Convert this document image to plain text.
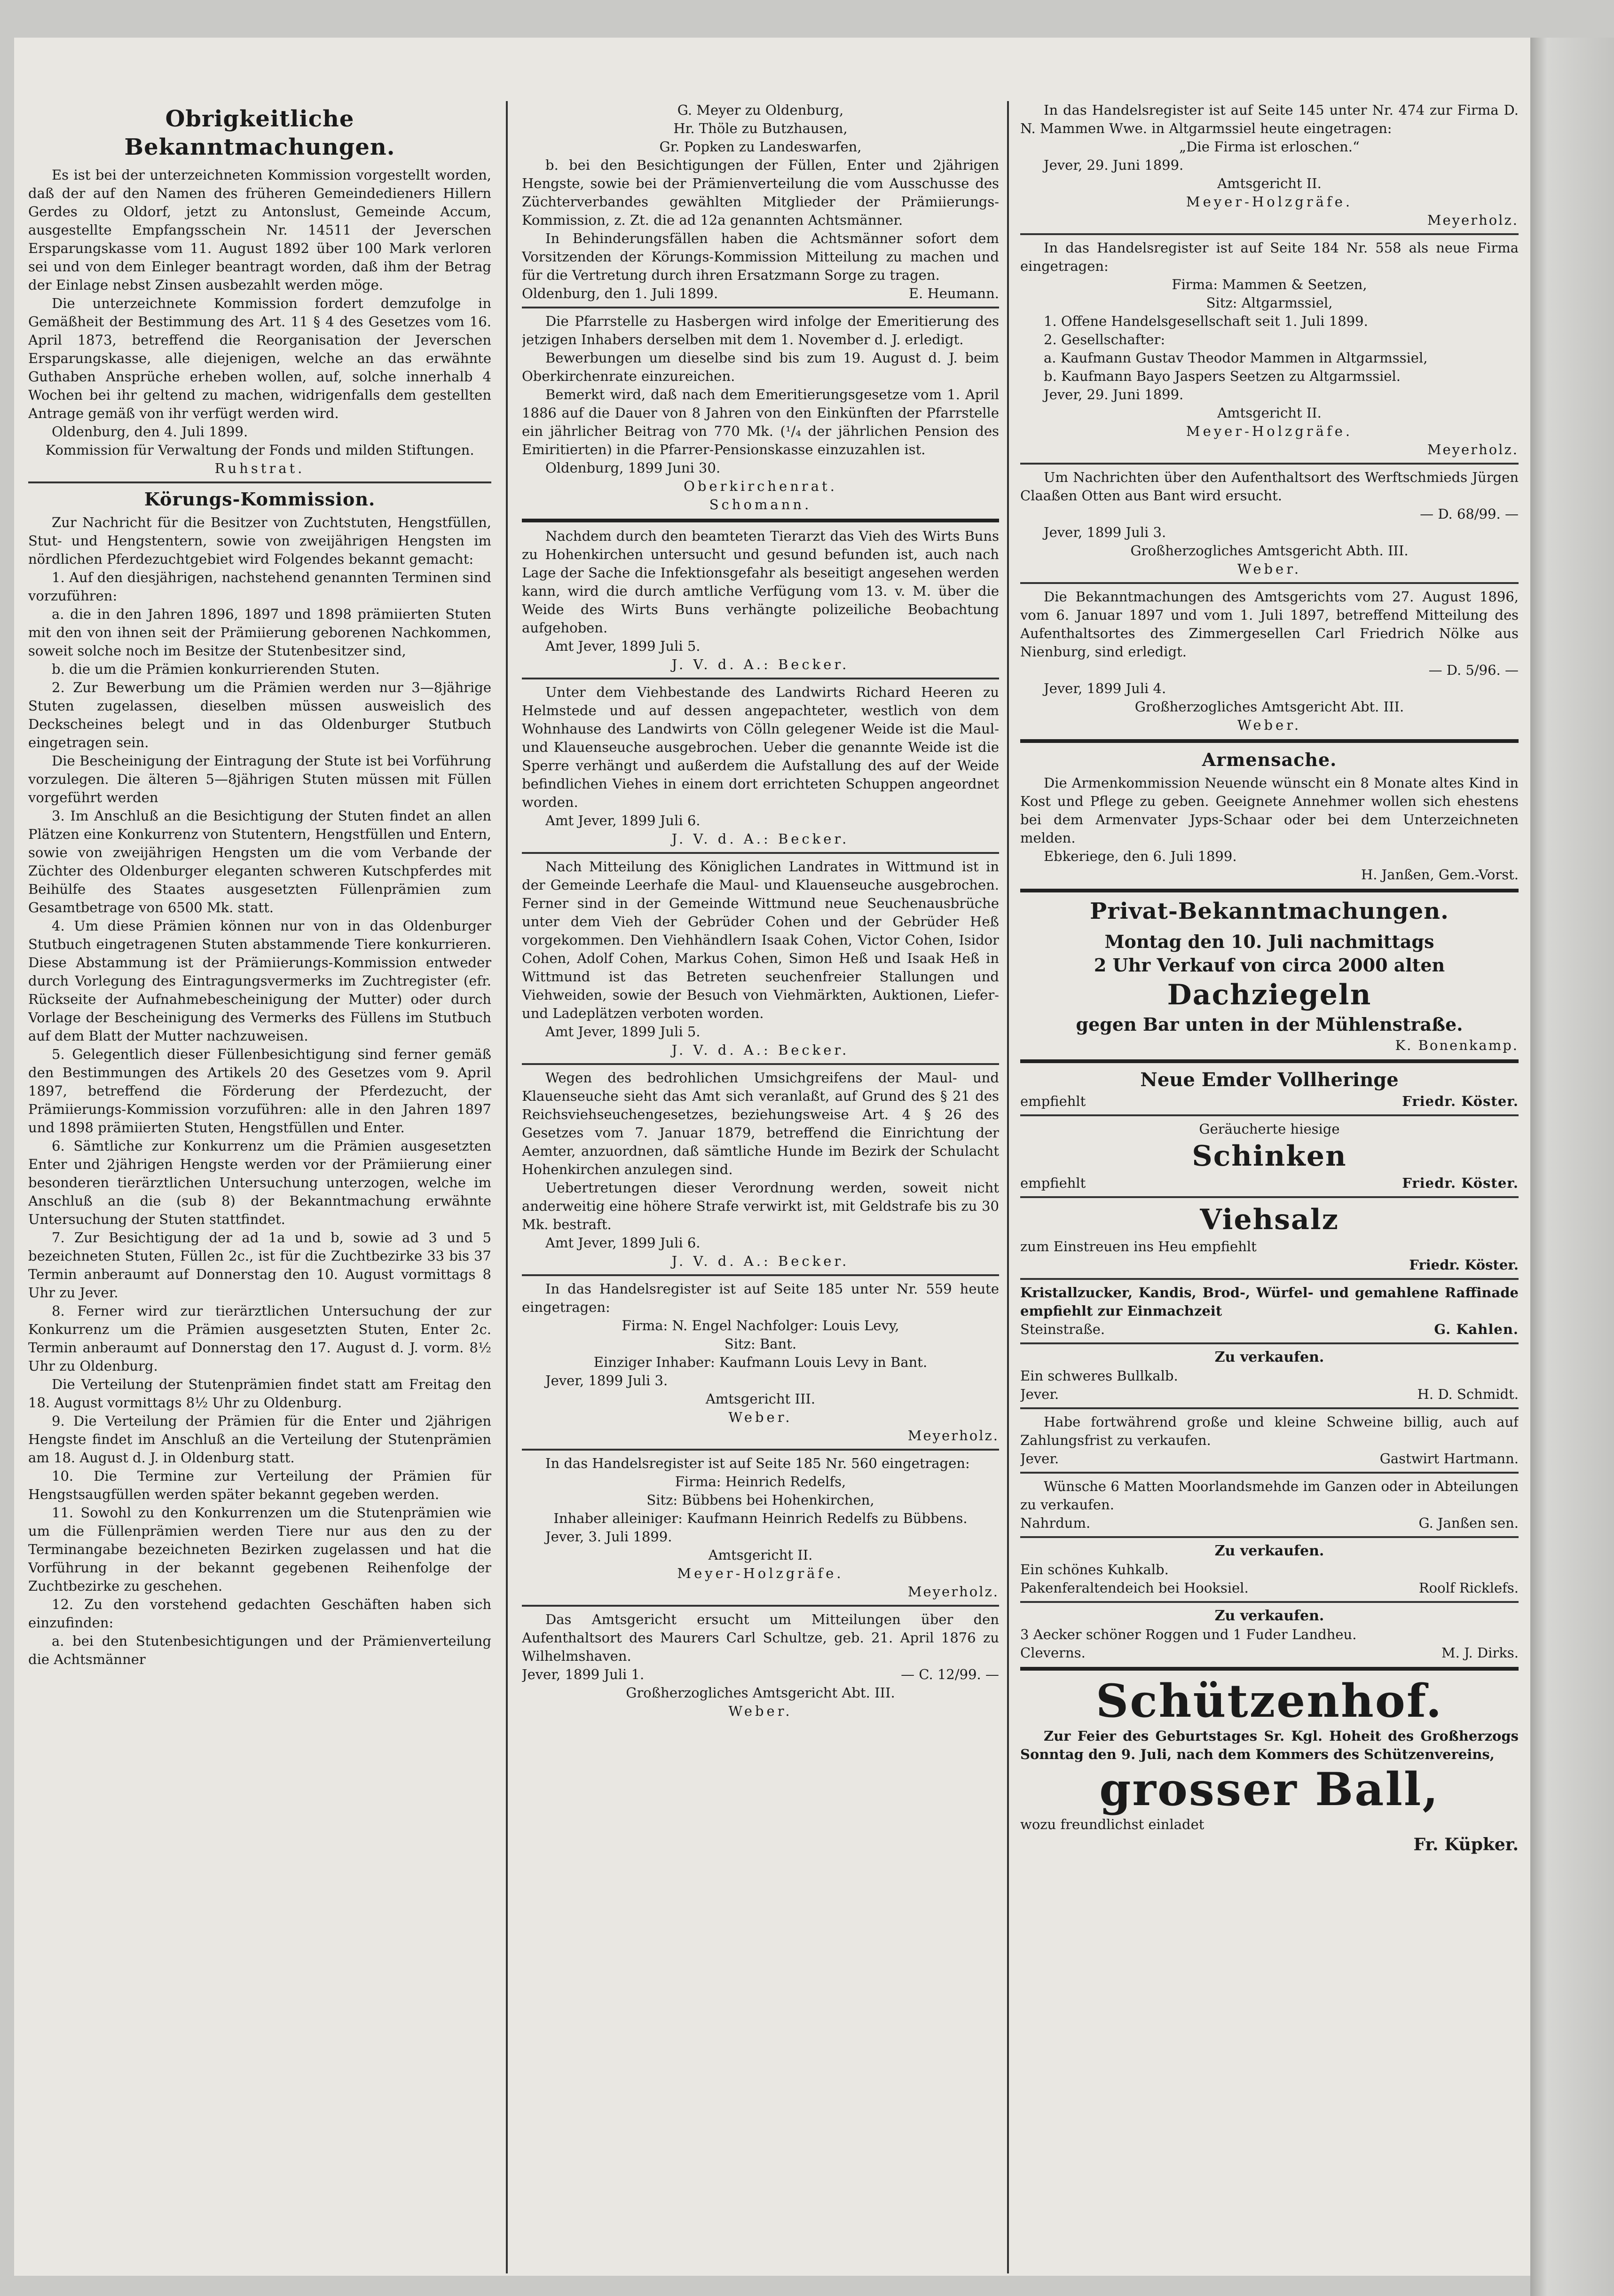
Obrigkeitliche Bekanntmachungen.

Es ist bei der unterzeichneten Kommission vorgestellt worden, daß der auf den Namen des früheren Gemeindedieners Hillern Gerdes zu Oldorf, jetzt zu Antonslust, Gemeinde Accum, ausgestellte Empfangsschein Nr. 14511 der Jeverschen Ersparungskasse vom 11. August 1892 über 100 Mark verloren sei und von dem Einleger beantragt worden, daß ihm der Betrag der Einlage nebst Zinsen ausbezahlt werden möge.

Die unterzeichnete Kommission fordert demzufolge in Gemäßheit der Bestimmung des Art. 11 § 4 des Gesetzes vom 16. April 1873, betreffend die Reorganisation der Jeverschen Ersparungskasse, alle diejenigen, welche an das erwähnte Guthaben Ansprüche erheben wollen, auf, solche innerhalb 4 Wochen bei ihr geltend zu machen, widrigenfalls dem gestellten Antrage gemäß von ihr verfügt werden wird.

Oldenburg, den 4. Juli 1899.

Kommission für Verwaltung der Fonds und milden Stiftungen.

Ruhstrat.

Körungs-Kommission.

Zur Nachricht für die Besitzer von Zuchtstuten, Hengstfüllen, Stut- und Hengstentern, sowie von zweijährigen Hengsten im nördlichen Pferdezuchtgebiet wird Folgendes bekannt gemacht:

1. Auf den diesjährigen, nachstehend genannten Terminen sind vorzuführen:

a. die in den Jahren 1896, 1897 und 1898 prämiierten Stuten mit den von ihnen seit der Prämiierung geborenen Nachkommen, soweit solche noch im Besitze der Stutenbesitzer sind,

b. die um die Prämien konkurrierenden Stuten.

2. Zur Bewerbung um die Prämien werden nur 3—8jährige Stuten zugelassen, dieselben müssen ausweislich des Deckscheines belegt und in das Oldenburger Stutbuch eingetragen sein.

Die Bescheinigung der Eintragung der Stute ist bei Vorführung vorzulegen. Die älteren 5—8jährigen Stuten müssen mit Füllen vorgeführt werden

3. Im Anschluß an die Besichtigung der Stuten findet an allen Plätzen eine Konkurrenz von Stutentern, Hengstfüllen und Entern, sowie von zweijährigen Hengsten um die vom Verbande der Züchter des Oldenburger eleganten schweren Kutschpferdes mit Beihülfe des Staates ausgesetzten Füllenprämien zum Gesamtbetrage von 6500 Mk. statt.

4. Um diese Prämien können nur von in das Oldenburger Stutbuch eingetragenen Stuten abstammende Tiere konkurrieren. Diese Abstammung ist der Prämiierungs-Kommission entweder durch Vorlegung des Eintragungsvermerks im Zuchtregister (efr. Rückseite der Aufnahmebescheinigung der Mutter) oder durch Vorlage der Bescheinigung des Vermerks des Füllens im Stutbuch auf dem Blatt der Mutter nachzuweisen.

5. Gelegentlich dieser Füllenbesichtigung sind ferner gemäß den Bestimmungen des Artikels 20 des Gesetzes vom 9. April 1897, betreffend die Förderung der Pferdezucht, der Prämiierungs-Kommission vorzuführen: alle in den Jahren 1897 und 1898 prämiierten Stuten, Hengstfüllen und Enter.

6. Sämtliche zur Konkurrenz um die Prämien ausgesetzten Enter und 2jährigen Hengste werden vor der Prämiierung einer besonderen tierärztlichen Untersuchung unterzogen, welche im Anschluß an die (sub 8) der Bekanntmachung erwähnte Untersuchung der Stuten stattfindet.

7. Zur Besichtigung der ad 1a und b, sowie ad 3 und 5 bezeichneten Stuten, Füllen 2c., ist für die Zuchtbezirke 33 bis 37 Termin anberaumt auf Donnerstag den 10. August vormittags 8 Uhr zu Jever.

8. Ferner wird zur tierärztlichen Untersuchung der zur Konkurrenz um die Prämien ausgesetzten Stuten, Enter 2c. Termin anberaumt auf Donnerstag den 17. August d. J. vorm. 8½ Uhr zu Oldenburg.

Die Verteilung der Stutenprämien findet statt am Freitag den 18. August vormittags 8½ Uhr zu Oldenburg.

9. Die Verteilung der Prämien für die Enter und 2jährigen Hengste findet im Anschluß an die Verteilung der Stutenprämien am 18. August d. J. in Oldenburg statt.

10. Die Termine zur Verteilung der Prämien für Hengstsaugfüllen werden später bekannt gegeben werden.

11. Sowohl zu den Konkurrenzen um die Stutenprämien wie um die Füllenprämien werden Tiere nur aus den zu der Terminangabe bezeichneten Bezirken zugelassen und hat die Vorführung in der bekannt gegebenen Reihenfolge der Zuchtbezirke zu geschehen.

12. Zu den vorstehend gedachten Geschäften haben sich einzufinden:

a. bei den Stutenbesichtigungen und der Prämienverteilung die Achtsmänner

G. Meyer zu Oldenburg,

Hr. Thöle zu Butzhausen,

Gr. Popken zu Landeswarfen,

b. bei den Besichtigungen der Füllen, Enter und 2jährigen Hengste, sowie bei der Prämienverteilung die vom Ausschusse des Züchterverbandes gewählten Mitglieder der Prämiierungs-Kommission, z. Zt. die ad 12a genannten Achtsmänner.

In Behinderungsfällen haben die Achtsmänner sofort dem Vorsitzenden der Körungs-Kommission Mitteilung zu machen und für die Vertretung durch ihren Ersatzmann Sorge zu tragen.

Oldenburg, den 1. Juli 1899.	E. Heumann.

Die Pfarrstelle zu Hasbergen wird infolge der Emeritierung des jetzigen Inhabers derselben mit dem 1. November d. J. erledigt.

Bewerbungen um dieselbe sind bis zum 19. August d. J. beim Oberkirchenrate einzureichen.

Bemerkt wird, daß nach dem Emeritierungsgesetze vom 1. April 1886 auf die Dauer von 8 Jahren von den Einkünften der Pfarrstelle ein jährlicher Beitrag von 770 Mk. (¹/₄ der jährlichen Pension des Emiritierten) in die Pfarrer-Pensionskasse einzuzahlen ist.

Oldenburg, 1899 Juni 30.

Oberkirchenrat.

Schomann.

Nachdem durch den beamteten Tierarzt das Vieh des Wirts Buns zu Hohenkirchen untersucht und gesund befunden ist, auch nach Lage der Sache die Infektionsgefahr als beseitigt angesehen werden kann, wird die durch amtliche Verfügung vom 13. v. M. über die Weide des Wirts Buns verhängte polizeiliche Beobachtung aufgehoben.

Amt Jever, 1899 Juli 5.

J. V. d. A.: Becker.

Unter dem Viehbestande des Landwirts Richard Heeren zu Helmstede und auf dessen angepachteter, westlich von dem Wohnhause des Landwirts von Cölln gelegener Weide ist die Maul- und Klauenseuche ausgebrochen. Ueber die genannte Weide ist die Sperre verhängt und außerdem die Aufstallung des auf der Weide befindlichen Viehes in einem dort errichteten Schuppen angeordnet worden.

Amt Jever, 1899 Juli 6.

J. V. d. A.: Becker.

Nach Mitteilung des Königlichen Landrates in Wittmund ist in der Gemeinde Leerhafe die Maul- und Klauenseuche ausgebrochen. Ferner sind in der Gemeinde Wittmund neue Seuchenausbrüche unter dem Vieh der Gebrüder Cohen und der Gebrüder Heß vorgekommen. Den Viehhändlern Isaak Cohen, Victor Cohen, Isidor Cohen, Adolf Cohen, Markus Cohen, Simon Heß und Isaak Heß in Wittmund ist das Betreten seuchenfreier Stallungen und Viehweiden, sowie der Besuch von Viehmärkten, Auktionen, Liefer- und Ladeplätzen verboten worden.

Amt Jever, 1899 Juli 5.

J. V. d. A.: Becker.

Wegen des bedrohlichen Umsichgreifens der Maul- und Klauenseuche sieht das Amt sich veranlaßt, auf Grund des § 21 des Reichsviehseuchengesetzes, beziehungsweise Art. 4 § 26 des Gesetzes vom 7. Januar 1879, betreffend die Einrichtung der Aemter, anzuordnen, daß sämtliche Hunde im Bezirk der Schulacht Hohenkirchen anzulegen sind.

Uebertretungen dieser Verordnung werden, soweit nicht anderweitig eine höhere Strafe verwirkt ist, mit Geldstrafe bis zu 30 Mk. bestraft.

Amt Jever, 1899 Juli 6.

J. V. d. A.: Becker.

In das Handelsregister ist auf Seite 185 unter Nr. 559 heute eingetragen:

Firma: N. Engel Nachfolger: Louis Levy,

Sitz: Bant.

Einziger Inhaber: Kaufmann Louis Levy in Bant.

Jever, 1899 Juli 3.

Amtsgericht III.

Weber.

Meyerholz.

In das Handelsregister ist auf Seite 185 Nr. 560 eingetragen:

Firma: Heinrich Redelfs,

Sitz: Bübbens bei Hohenkirchen,

Inhaber alleiniger: Kaufmann Heinrich Redelfs zu Bübbens.

Jever, 3. Juli 1899.

Amtsgericht II.

Meyer-Holzgräfe.

Meyerholz.

Das Amtsgericht ersucht um Mitteilungen über den Aufenthaltsort des Maurers Carl Schultze, geb. 21. April 1876 zu Wilhelmshaven.

Jever, 1899 Juli 1.	— C. 12/99. —

Großherzogliches Amtsgericht Abt. III.

Weber.

In das Handelsregister ist auf Seite 145 unter Nr. 474 zur Firma D. N. Mammen Wwe. in Altgarmssiel heute eingetragen:

„Die Firma ist erloschen.“

Jever, 29. Juni 1899.

Amtsgericht II.

Meyer-Holzgräfe.

Meyerholz.

In das Handelsregister ist auf Seite 184 Nr. 558 als neue Firma eingetragen:

Firma: Mammen & Seetzen,

Sitz: Altgarmssiel,

1. Offene Handelsgesellschaft seit 1. Juli 1899.

2. Gesellschafter:

a. Kaufmann Gustav Theodor Mammen in Altgarmssiel,

b. Kaufmann Bayo Jaspers Seetzen zu Altgarmssiel.

Jever, 29. Juni 1899.

Amtsgericht II.

Meyer-Holzgräfe.

Meyerholz.

Um Nachrichten über den Aufenthaltsort des Werftschmieds Jürgen Claaßen Otten aus Bant wird ersucht.

— D. 68/99. —

Jever, 1899 Juli 3.

Großherzogliches Amtsgericht Abth. III.

Weber.

Die Bekanntmachungen des Amtsgerichts vom 27. August 1896, vom 6. Januar 1897 und vom 1. Juli 1897, betreffend Mitteilung des Aufenthaltsortes des Zimmergesellen Carl Friedrich Nölke aus Nienburg, sind erledigt.

— D. 5/96. —

Jever, 1899 Juli 4.

Großherzogliches Amtsgericht Abt. III.

Weber.

Armensache.

Die Armenkommission Neuende wünscht ein 8 Monate altes Kind in Kost und Pflege zu geben. Geeignete Annehmer wollen sich ehestens bei dem Armenvater Jyps-Schaar oder bei dem Unterzeichneten melden.

Ebkeriege, den 6. Juli 1899.

H. Janßen, Gem.-Vorst.

Privat-Bekanntmachungen.
Montag den 10. Juli nachmittags
2 Uhr Verkauf von circa 2000 alten
Dachziegeln
gegen Bar unten in der Mühlenstraße.

K. Bonenkamp.

Neue Emder Vollheringe
empfiehlt	Friedr. Köster.
Geräucherte hiesige
Schinken
empfiehlt	Friedr. Köster.
Viehsalz

zum Einstreuen ins Heu empfiehlt

Friedr. Köster.

Kristallzucker, Kandis, Brod-, Würfel- und gemahlene Raffinade empfiehlt zur Einmachzeit

Steinstraße.	G. Kahlen.
Zu verkaufen.

Ein schweres Bullkalb.

Jever.	H. D. Schmidt.

Habe fortwährend große und kleine Schweine billig, auch auf Zahlungsfrist zu verkaufen.

Jever.	Gastwirt Hartmann.

Wünsche 6 Matten Moorlandsmehde im Ganzen oder in Abteilungen zu verkaufen.

Nahrdum.	G. Janßen sen.
Zu verkaufen.

Ein schönes Kuhkalb.

Pakenferaltendeich bei Hooksiel.	Roolf Ricklefs.
Zu verkaufen.

3 Aecker schöner Roggen und 1 Fuder Landheu.

Cleverns.	M. J. Dirks.
Schützenhof.

Zur Feier des Geburtstages Sr. Kgl. Hoheit des Großherzogs Sonntag den 9. Juli, nach dem Kommers des Schützenvereins,

grosser Ball,

wozu freundlichst einladet

Fr. Küpker.
